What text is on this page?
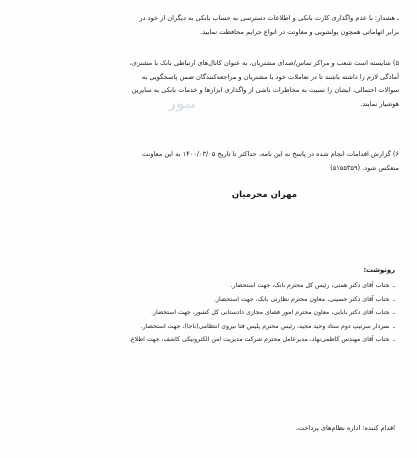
ـ هشدار: با عدم واگذاری کارت بانکی و اطلاعات دسترسی به حساب بانکی به دیگران از خود در
برابر اتهاماتی همچون پولشویی و معاونت در انواع جرایم محافظت نمایید.
۵) شایسته است شعب و مراکز تماس/صدای مشتریان، به عنوان کانال‌های ارتباطی بانک با مشتری،
آمادگی لازم را داشته باشند تا در تعاملات خود با مشتریان و مراجعه‌کنندگان ضمن پاسخگویی به
سوالات احتمالی، ایشان را نسبت به مخاطرات ناشی از واگذاری ابزارها و خدمات بانکی به سایرین
هوشیار نمایند.
نیوز
۶) گزارش اقدامات انجام شده در پاسخ به این نامه، حداکثر تا تاریخ ۱۴۰۰/۰۳/۰۵ به این معاونت
منعکس شود. (۵۱۵۵۳۵۹)
مهران محرمیان
رونوشت:
ـجناب آقای دکتر همتی، رئیس کل محترم بانک، جهت استحضار.
ـجناب آقای دکتر حسینی، معاون محترم نظارتی بانک، جهت استحضار.
ـجناب آقای دکتر بابایی، معاون محترم امور فضای مجازی دادستانی کل کشور، جهت استحضار.
ـسردار سرتیپ دوم ستاد وحید مجید، رئیس محترم پلیس فتا نیروی انتظامی(ناجا)، جهت استحضار.
ـجناب آقای مهندس کاظمی‌نهاد، مدیرعامل محترم شرکت مدیریت امن الکترونیکی کاشف، جهت اطلاع.
اقدام کننده: اداره نظام‌های پرداخت.
